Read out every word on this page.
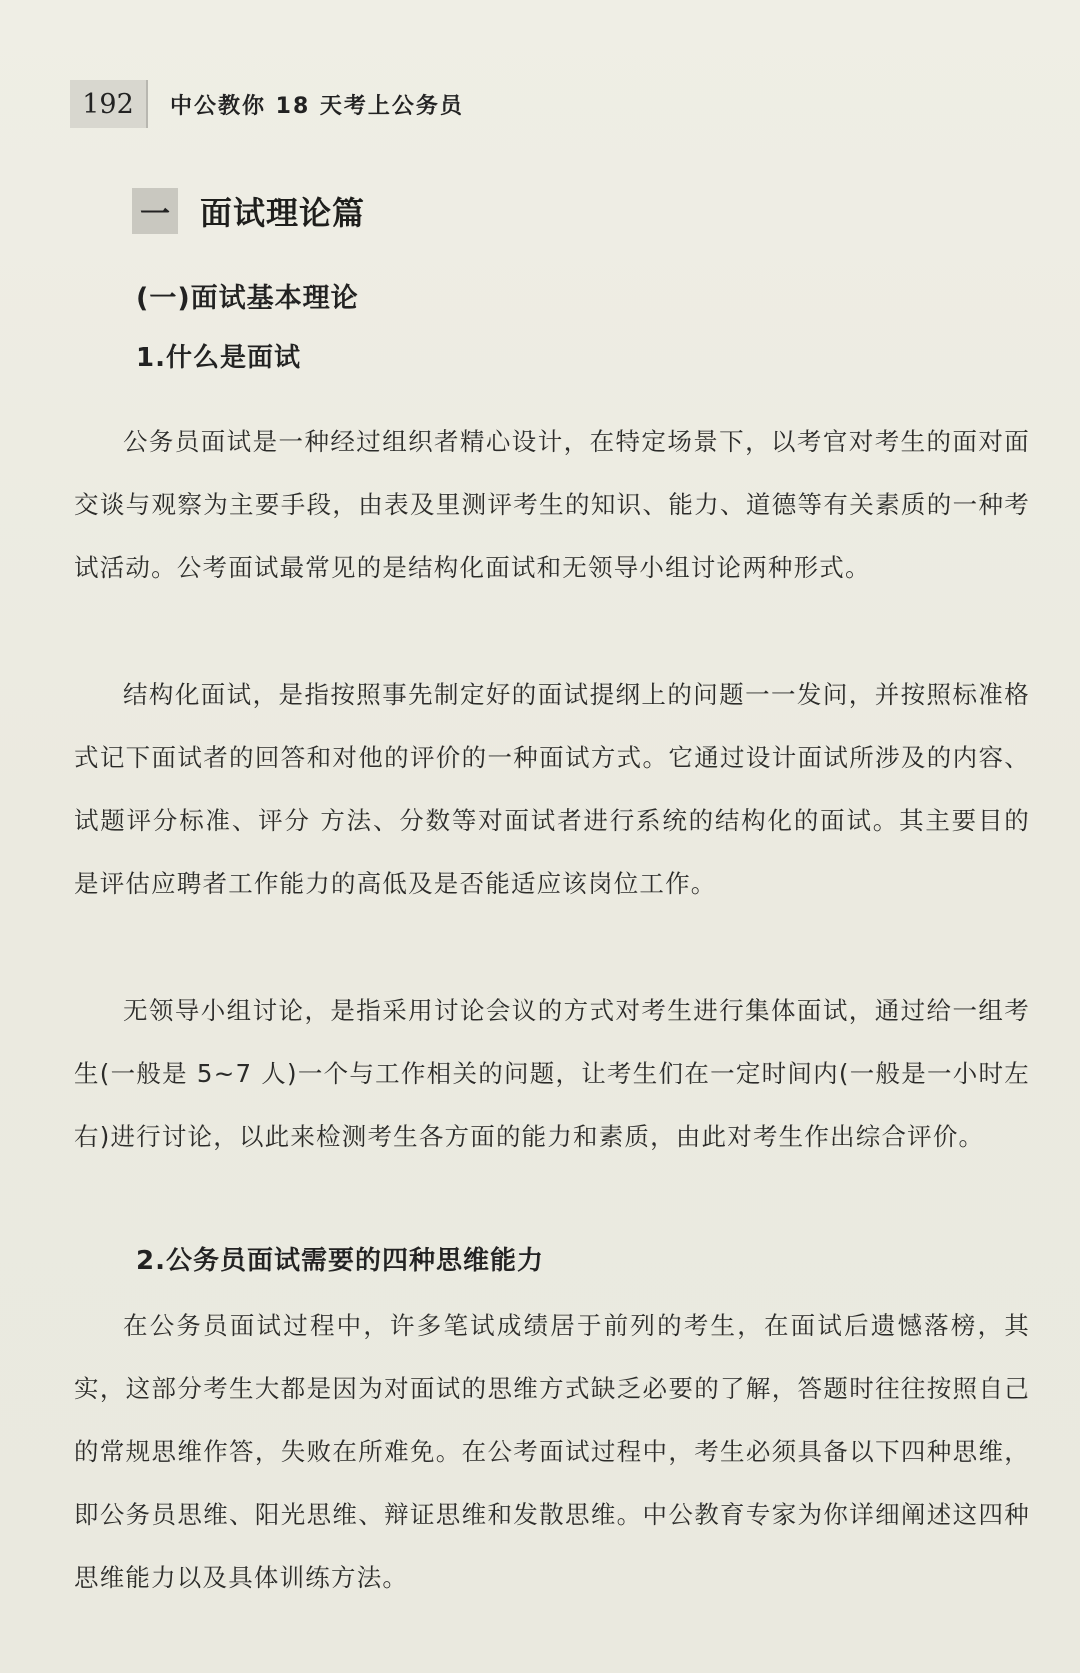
192	中公教你 18 天考上公务员
一 面试理论篇
(一)面试基本理论
1.什么是面试

公务员面试是一种经过组织者精心设计，在特定场景下，以考官对考生的面对面交谈与观察为主要手段，由表及里测评考生的知识、能力、道德等有关素质的一种考试活动。公考面试最常见的是结构化面试和无领导小组讨论两种形式。

结构化面试，是指按照事先制定好的面试提纲上的问题一一发问，并按照标准格式记下面试者的回答和对他的评价的一种面试方式。它通过设计面试所涉及的内容、试题评分标准、评分 方法、分数等对面试者进行系统的结构化的面试。其主要目的是评估应聘者工作能力的高低及是否能适应该岗位工作。

无领导小组讨论，是指采用讨论会议的方式对考生进行集体面试，通过给一组考生(一般是 5~7 人)一个与工作相关的问题，让考生们在一定时间内(一般是一小时左右)进行讨论，以此来检测考生各方面的能力和素质，由此对考生作出综合评价。

2.公务员面试需要的四种思维能力

在公务员面试过程中，许多笔试成绩居于前列的考生，在面试后遗憾落榜，其实，这部分考生大都是因为对面试的思维方式缺乏必要的了解，答题时往往按照自己的常规思维作答，失败在所难免。在公考面试过程中，考生必须具备以下四种思维，即公务员思维、阳光思维、辩证思维和发散思维。中公教育专家为你详细阐述这四种思维能力以及具体训练方法。
